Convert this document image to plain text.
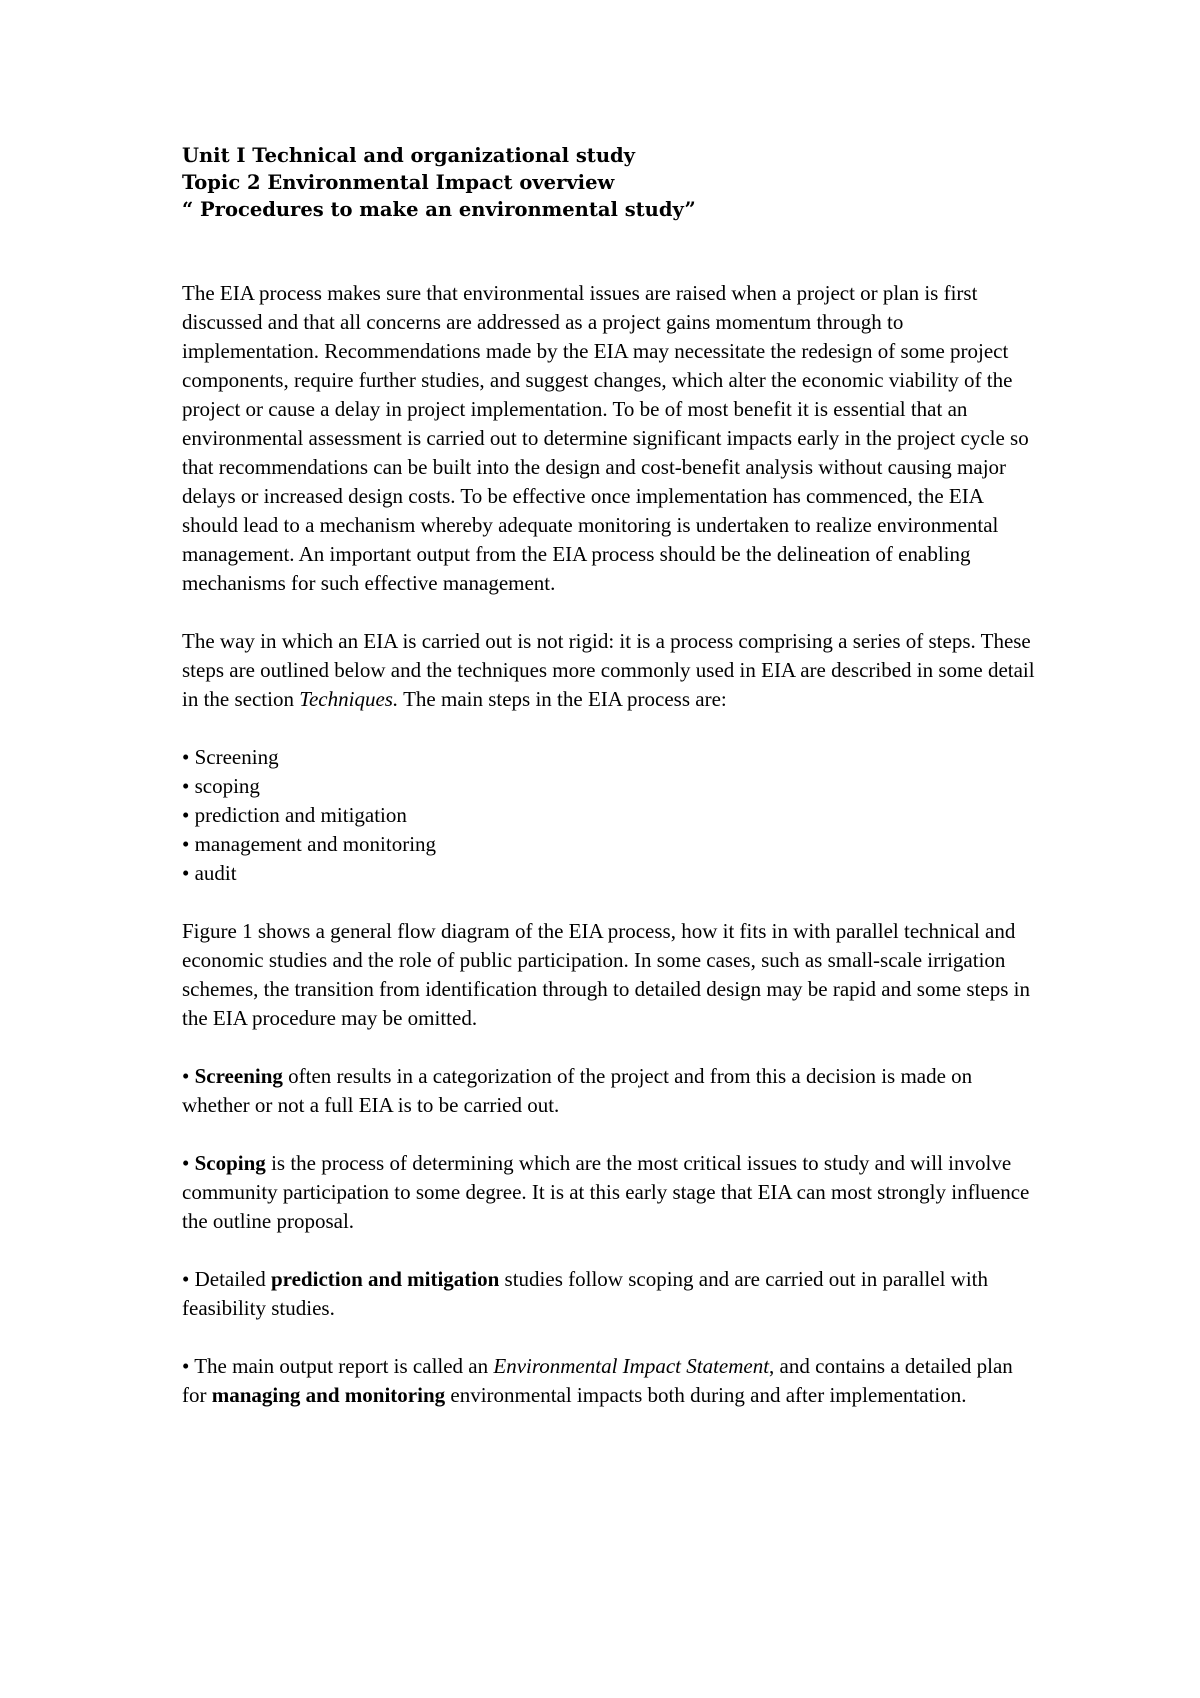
Unit I Technical and organizational study
Topic 2 Environmental Impact overview
“ Procedures to make an environmental study”

The EIA process makes sure that environmental issues are raised when a project or plan is first discussed and that all concerns are addressed as a project gains momentum through to implementation. Recommendations made by the EIA may necessitate the redesign of some project components, require further studies, and suggest changes, which alter the economic viability of the project or cause a delay in project implementation. To be of most benefit it is essential that an environmental assessment is carried out to determine significant impacts early in the project cycle so that recommendations can be built into the design and cost-benefit analysis without causing major delays or increased design costs. To be effective once implementation has commenced, the EIA should lead to a mechanism whereby adequate monitoring is undertaken to realize environmental management. An important output from the EIA process should be the delineation of enabling mechanisms for such effective management.

The way in which an EIA is carried out is not rigid: it is a process comprising a series of steps. These steps are outlined below and the techniques more commonly used in EIA are described in some detail in the section Techniques. The main steps in the EIA process are:

• Screening
• scoping
• prediction and mitigation
• management and monitoring
• audit

Figure 1 shows a general flow diagram of the EIA process, how it fits in with parallel technical and economic studies and the role of public participation. In some cases, such as small-scale irrigation schemes, the transition from identification through to detailed design may be rapid and some steps in the EIA procedure may be omitted.

• Screening often results in a categorization of the project and from this a decision is made on whether or not a full EIA is to be carried out.

• Scoping is the process of determining which are the most critical issues to study and will involve community participation to some degree. It is at this early stage that EIA can most strongly influence the outline proposal.

• Detailed prediction and mitigation studies follow scoping and are carried out in parallel with feasibility studies.

• The main output report is called an Environmental Impact Statement, and contains a detailed plan for managing and monitoring environmental impacts both during and after implementation.
